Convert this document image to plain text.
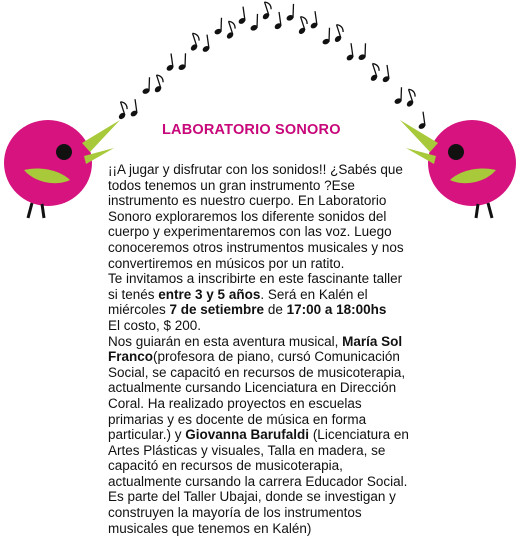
LABORATORIO SONORO

¡¡A jugar y disfrutar con los sonidos!! ¿Sabés que todos tenemos un gran instrumento ?Ese instrumento es nuestro cuerpo. En Laboratorio Sonoro exploraremos los diferente sonidos del cuerpo y experimentaremos con las voz. Luego conoceremos otros instrumentos musicales y nos convertiremos en músicos por un ratito.

Te invitamos a inscribirte en este fascinante taller si tenés entre 3 y 5 años. Será en Kalén el miércoles 7 de setiembre de 17:00 a 18:00hs

El costo, $ 200.

Nos guiarán en esta aventura musical, María Sol Franco(profesora de piano, cursó Comunicación Social, se capacitó en recursos de musicoterapia, actualmente cursando Licenciatura en Dirección Coral. Ha realizado proyectos en escuelas primarias y es docente de música en forma particular.) y Giovanna Barufaldi (Licenciatura en Artes Plásticas y visuales, Talla en madera, se capacitó en recursos de musicoterapia, actualmente cursando la carrera Educador Social. Es parte del Taller Ubajai, donde se investigan y construyen la mayoría de los instrumentos musicales que tenemos en Kalén)
